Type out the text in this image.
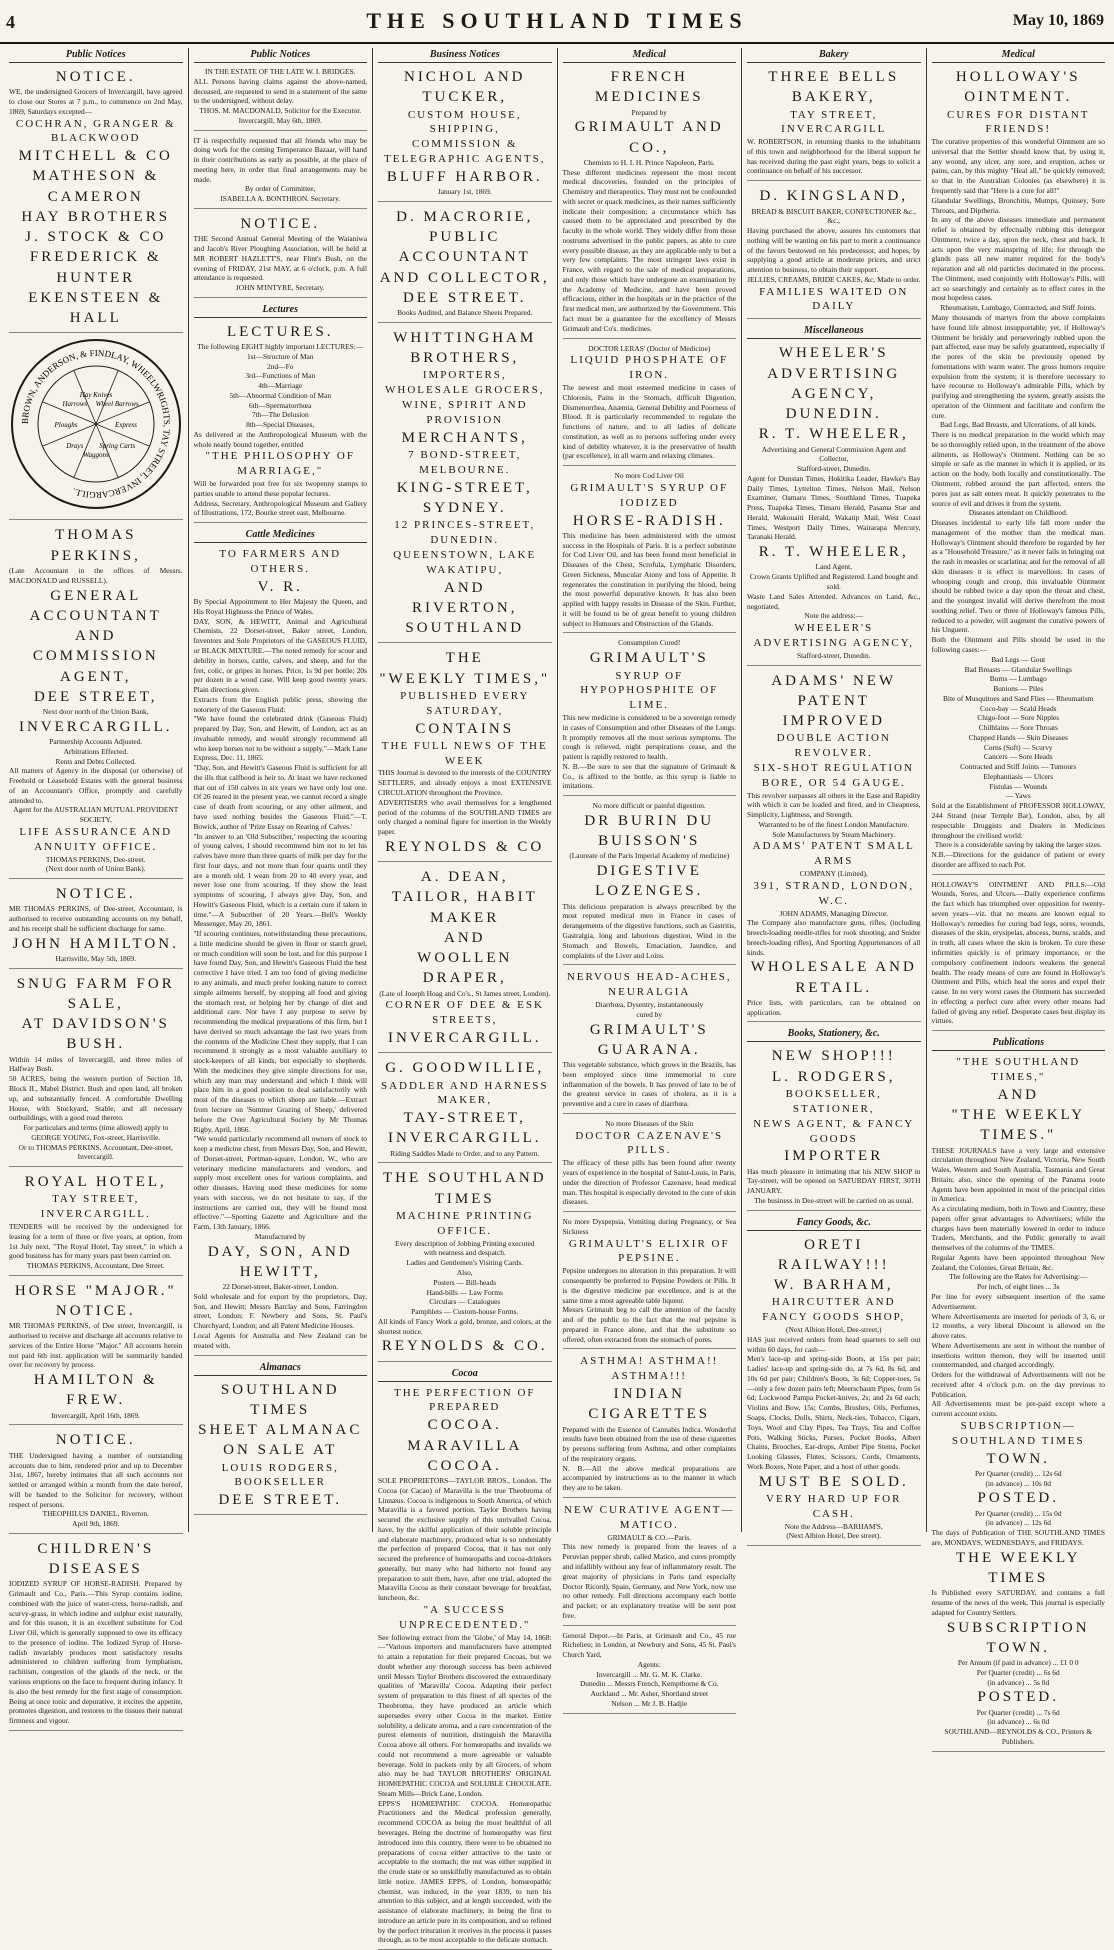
4	THE SOUTHLAND TIMES	May 10, 1869
Public Notices
NOTICE.
WE, the undersigned Grocers of Invercargill, have agreed to close our Stores at 7 p.m., to commence on 2nd May, 1869, Saturdays excepted—
COCHRAN, GRANGER & BLACKWOOD
MITCHELL & CO
MATHESON & CAMERON
HAY BROTHERS
J. STOCK & CO
FREDERICK & HUNTER
EKENSTEEN & HALL
BROWN, ANDERSON, & FINDLAY, WHEELWRIGHTS, TAY STREET, INVERCARGILL.
Express
Spring Carts
Waggons
Drays
Ploughs
Harrows
Hay Knives
Wheel Barrows
THOMAS PERKINS,
(Late Accountant in the offices of Messrs. MACDONALD and RUSSELL).
GENERAL ACCOUNTANT
AND
COMMISSION AGENT,
DEE STREET,
Next door north of the Union Bank,
INVERCARGILL.
Partnership Accounts Adjusted.
Arbitrations Effected.
Rents and Debts Collected.
All matters of Agency in the disposal (or otherwise) of Freehold or Leasehold Estates with the general business of an Accountant's Office, promptly and carefully attended to.
Agent for the AUSTRALIAN MUTUAL PROVIDENT SOCIETY,
LIFE ASSURANCE AND ANNUITY OFFICE.
THOMAS PERKINS, Dee-street.
(Next door north of Union Bank).
NOTICE.
MR THOMAS PERKINS, of Dee-street, Accountant, is authorised to receive outstanding accounts on my behalf, and his receipt shall be sufficient discharge for same.
JOHN HAMILTON.
Harrisville, May 5th, 1869.
SNUG FARM FOR SALE,
AT DAVIDSON'S BUSH.
Within 14 miles of Invercargill, and three miles of Halfway Bush.
50 ACRES, being the western portion of Section 18, Block II., Mabel District. Bush and open land, all broken up, and substantially fenced. A comfortable Dwelling House, with Stockyard, Stable, and all necessary outbuildings, with a good road thereto.
For particulars and terms (time allowed) apply to
GEORGE YOUNG, Fox-street, Harrisville.
Or to THOMAS PERKINS, Accountant, Dee-street, Invercargill.
ROYAL HOTEL,
TAY STREET, INVERCARGILL.
TENDERS will be received by the undersigned for leasing for a term of three or five years, at option, from 1st July next, "The Royal Hotel, Tay street," in which a good business has for many years past been carried on.
THOMAS PERKINS, Accountant, Dee Street.
HORSE "MAJOR."
NOTICE.
MR THOMAS PERKINS, of Dee street, Invercargill, is authorised to receive and discharge all accounts relative to services of the Entire Horse "Major." All accounts herein not paid 6th inst. application will be summarily handed over for recovery by process.
HAMILTON & FREW.
Invercargill, April 16th, 1869.
NOTICE.
THE Undersigned having a number of outstanding accounts due to him, rendered prior and up to December 31st, 1867, hereby intimates that all such accounts not settled or arranged within a month from the date hereof, will be handed to the Solicitor for recovery, without respect of persons.
THEOPHILUS DANIEL, Riverton.
April 9th, 1869.
CHILDREN'S DISEASES
IODIZED SYRUP OF HORSE-RADISH. Prepared by Grimault and Co., Paris.—This Syrup contains iodine, combined with the juice of water-cress, horse-radish, and scurvy-grass, in which iodine and sulphur exist naturally, and for this reason, it is an excellent substitute for Cod Liver Oil, which is generally supposed to owe its efficacy to the presence of iodine. The Iodized Syrup of Horse-radish invariably produces most satisfactory results administered to children suffering from lymphatism, rachitism, congestion of the glands of the neck, or the various eruptions on the face to frequent during infancy. It is also the best remedy for the first stage of consumption. Being at once tonic and depurative, it excites the appetite, promotes digestion, and restores to the tissues their natural firmness and vigour.
Public Notices
IN THE ESTATE OF THE LATE W. I. BRIDGES.
ALL Persons having claims against the above-named, deceased, are requested to send in a statement of the same to the undersigned, without delay.
THOS. M. MACDONALD, Solicitor for the Executor.
Invercargill, May 6th, 1869.
IT is respectfully requested that all friends who may be doing work for the coming Temperance Bazaar, will hand in their contributions as early as possible, at the place of meeting here, in order that final arrangements may be made.
By order of Committee,
ISABELLA A. BONTHRON. Secretary.
NOTICE.
THE Second Annual General Meeting of the Waianiwa and Jacob's River Ploughing Association, will be held at MR ROBERT HAZLETT'S, near Flint's Bush, on the evening of FRIDAY, 21st MAY, at 6 o'clock, p.m. A full attendance is requested.
JOHN M'INTYRE, Secretary.
Lectures
LECTURES.
The following EIGHT highly important LECTURES:—
1st—Structure of Man
2nd—Fo
3rd—Functions of Man
4th—Marriage
5th—Abnormal Condition of Man
6th—Spermatorrhœa
7th—The Delusion
8th—Special Diseases,
As delivered at the Anthropological Museum with the whole neatly bound together, entitled
"THE PHILOSOPHY OF MARRIAGE,"
Will be forwarded post free for six twopenny stamps to parties unable to attend these popular lectures.
Address, Secretary, Anthropological Museum and Gallery of Illustrations, 172, Bourke street east, Melbourne.
Cattle Medicines
TO FARMERS AND OTHERS.
V. R.
By Special Appointment to Her Majesty the Queen, and His Royal Highness the Prince of Wales.
DAY, SON, & HEWITT, Animal and Agricultural Chemists, 22 Dorset-street, Baker street, London, Inventors and Sole Proprietors of the GASEOUS FLUID, or BLACK MIXTURE.—The noted remedy for scour and debility in horses, cattle, calves, and sheep, and for the fret, colic, or gripes in horses. Price, 1s 9d per bottle; 20s per dozen in a wood case. Will keep good twenty years. Plain directions given.
Extracts from the English public press, showing the notoriety of the Gaseous Fluid:
"We have found the celebrated drink (Gaseous Fluid) prepared by Day, Son, and Hewitt, of London, act as an invaluable remedy, and would strongly recommend all who keep horses not to be without a supply."—Mark Lane Express, Dec. 11, 1865.
"Day, Son, and Hewitt's Gaseous Fluid is sufficient for all the ills that calfhood is heir to. At least we have reckoned that out of 150 calves in six years we have only lost one. Of 26 reared in the present year, we cannot record a single case of death from scouring, or any other ailment, and have used nothing besides the Gaseous Fluid."—T. Bowick, author of 'Prize Essay on Rearing of Calves.'
"In answer to an 'Old Subscriber,' respecting the scouring of young calves, I should recommend him not to let his calves have more than three quarts of milk per day for the first four days, and not more than four quarts until they are a month old. I wean from 20 to 40 every year, and never lose one from scouring. If they show the least symptoms of scouring, I always give Day, Son, and Hewitt's Gaseous Fluid, which is a certain cure if taken in time."—A Subscriber of 20 Years.—Bell's Weekly Messenger, May 20, 1861.
"If scouring continues, notwithstanding these precautions, a little medicine should be given in flour or starch gruel, or much condition will soon be lost, and for this purpose I have found Day, Son, and Hewitt's Gaseous Fluid the best corrective I have tried. I am too fond of giving medicine to any animals, and much prefer looking nature to correct simple ailments herself, by stopping all food and giving the stomach rest, or helping her by change of diet and additional care. Nor have I any purpose to serve by recommending the medical preparations of this firm, but I have derived so much advantage the last two years from the contents of the Medicine Chest they supply, that I can recommend it strongly as a most valuable auxiliary to stock-keepers of all kinds, but especially to shepherds. With the medicines they give simple directions for use, which any man may understand and which I think will place him in a good position to deal satisfactorily with most of the diseases to which sheep are liable.—Extract from lecture on 'Summer Grazing of Sheep,' delivered before the Over Agricultural Society by Mr Thomas Rigby, April, 1866.
"We would particularly recommend all owners of stock to keep a medicine chest, from Messrs Day, Son, and Hewitt, of Dorset-street, Portman-square, London, W., who are veterinary medicine manufacturers and vendors, and supply most excellent ones for various complaints, and other diseases. Having used these medicines for some years with success, we do not hesitate to say, if the instructions are carried out, they will be found most effective."—Sporting Gazette and Agriculture and the Farm, 13th January, 1866.
Manufactured by
DAY, SON, AND HEWITT,
22 Dorset-street, Baker-street, London.
Sold wholesale and for export by the proprietors, Day, Son, and Hewitt; Messrs Barclay and Sons, Farringdon street, London; F. Newbery and Sons, St. Paul's Churchyard, London; and all Patent Medicine Houses.
Local Agents for Australia and New Zealand can be treated with.
Almanacs
SOUTHLAND TIMES
SHEET ALMANAC
ON SALE AT
LOUIS RODGERS, BOOKSELLER
DEE STREET.
Business Notices
NICHOL AND TUCKER,
CUSTOM HOUSE, SHIPPING,
COMMISSION & TELEGRAPHIC AGENTS,
BLUFF HARBOR.
January 1st, 1869.
D. MACRORIE,
PUBLIC ACCOUNTANT
AND COLLECTOR,
DEE STREET.
Books Audited, and Balance Sheets Prepared.
WHITTINGHAM BROTHERS,
IMPORTERS, WHOLESALE GROCERS,
WINE, SPIRIT AND PROVISION
MERCHANTS,
7 BOND-STREET, MELBOURNE.
KING-STREET, SYDNEY.
12 PRINCES-STREET, DUNEDIN.
QUEENSTOWN, LAKE WAKATIPU,
AND
RIVERTON,
SOUTHLAND
THE
"WEEKLY TIMES,"
PUBLISHED EVERY SATURDAY,
CONTAINS
THE FULL NEWS OF THE WEEK
THIS Journal is devoted to the interests of the COUNTRY SETTLERS, and already enjoys a most EXTENSIVE CIRCULATION throughout the Province.
ADVERTISERS who avail themselves for a lengthened period of the columns of the SOUTHLAND TIMES are only charged a nominal figure for insertion in the Weekly paper.
REYNOLDS & CO
A. DEAN,
TAILOR, HABIT MAKER
AND
WOOLLEN DRAPER,
(Late of Joseph Hoag and Co's., St James street, London).
CORNER OF DEE & ESK STREETS,
INVERCARGILL.
G. GOODWILLIE,
SADDLER AND HARNESS MAKER,
TAY-STREET,
INVERCARGILL.
Riding Saddles Made to Order, and to any Pattern.
THE SOUTHLAND TIMES
MACHINE PRINTING OFFICE.
Every description of Jobbing Printing executed
with neatness and despatch.
Ladies and Gentlemen's Visiting Cards.
Also,
Posters — Bill-heads
Hand-bills — Law Forms
Circulars — Catalogues
Pamphlets — Custom-house Forms.
All kinds of Fancy Work a gold, bronze, and colors, at the shortest notice.
REYNOLDS & CO.
Cocoa
THE PERFECTION OF PREPARED
COCOA.
MARAVILLA COCOA.
SOLE PROPRIETORS—TAYLOR BROS., London. The Cocoa (or Cacao) of Maravilla is the true Theobroma of Linnæus. Cocoa is indigenous to South America, of which Maravilla is a favored portion. Taylor Brothers having secured the exclusive supply of this unrivalled Cocoa, have, by the skilful application of their soluble principle and elaborate machinery, produced what is so undeniably the perfection of prepared Cocoa, that it has not only secured the preference of homœopaths and cocoa-drinkers generally, but many who had hitherto not found any preparation to suit them, have, after one trial, adopted the Maravilla Cocoa as their constant beverage for breakfast, luncheon, &c.
"A SUCCESS UNPRECEDENTED."
See following extract from the 'Globe,' of May 14, 1868:—"Various importers and manufacturers have attempted to attain a reputation for their prepared Cocoas, but we doubt whether any thorough success has been achieved until Messrs Taylor Brothers discovered the extraordinary qualities of 'Maravilla' Cocoa. Adapting their perfect system of preparation to this finest of all species of the Theobroma, they have produced an article which supersedes every other Cocoa in the market. Entire solubility, a delicate aroma, and a rare concentration of the purest elements of nutrition, distinguish the Maravilla Cocoa above all others. For homœopaths and invalids we could not recommend a more agreeable or valuable beverage. Sold in packets only by all Grocers, of whom also may be had TAYLOR BROTHERS' ORIGINAL HOMŒPATHIC COCOA and SOLUBLE CHOCOLATE. Steam Mills—Brick Lane, London.
EPPS'S HOMŒPATHIC COCOA. Homœopathic Practitioners and the Medical profession generally, recommend COCOA as being the most healthful of all beverages. Being the doctrine of homœopathy was first introduced into this country, there were to be obtained no preparations of cocoa either attractive to the taste or acceptable to the stomach; the nut was either supplied in the crude state or so unskilfully manufactured as to obtain little notice. JAMES EPPS, of London, homœopathic chemist, was induced, in the year 1839, to turn his attention to this subject, and at length succeeded, with the assistance of elaborate machinery, in being the first to introduce an article pure in its composition, and so refined by the perfect trituration it receives in the process it passes through, as to be most acceptable to the delicate stomach.
Medical
FRENCH MEDICINES
Prepared by
GRIMAULT AND CO.,
Chemists to H. I. H. Prince Napoleon, Paris.
These different medicines represent the most recent medical discoveries, founded on the principles of Chemistry and therapeutics. They must not be confounded with secret or quack medicines, as their names sufficiently indicate their composition; a circumstance which has caused them to be appreciated and prescribed by the faculty in the whole world. They widely differ from those nostrums advertised in the public papers, as able to cure every possible disease, as they are applicable only to but a very few complaints. The most stringent laws exist in France, with regard to the sale of medical preparations, and only those which have undergone an examination by the Academy of Medicine, and have been proved efficacious, either in the hospitals or in the practice of the first medical men, are authorized by the Government. This fact must be a guarantee for the excellency of Messrs Grimault and Co's. medicines.
DOCTOR LERAS' (Doctor of Medicine)
LIQUID PHOSPHATE OF IRON.
The newest and most esteemed medicine in cases of Chlorosis, Pains in the Stomach, difficult Digestion, Dismenorrhea, Anæmia, General Debility and Poorness of Blood. It is particularly recommended to regulate the functions of nature, and to all ladies of delicate constitution, as well as to persons suffering under every kind of debility whatever, it is the preservative of health (par excellence), in all warm and relaxing climates.
No more Cod Liver Oil
GRIMAULT'S SYRUP OF IODIZED
HORSE-RADISH.
This medicine has been administered with the utmost success in the Hospitals of Paris. It is a perfect substitute for Cod Liver Oil, and has been found most beneficial in Diseases of the Chest, Scrofula, Lymphatic Disorders, Green Sickness, Muscular Atony and loss of Appetite. It regenerates the constitution in purifying the blood, being the most powerful depurative known. It has also been applied with happy results in Disease of the Skin. Further, it will be found to be of great benefit to young children subject to Humours and Obstruction of the Glands.
Consumption Cured!
GRIMAULT'S
SYRUP OF HYPOPHOSPHITE OF LIME.
This new medicine is considered to be a sovereign remedy in cases of Consumption and other Diseases of the Lungs. It promptly removes all the most serious symptoms. The cough is relieved, night perspirations cease, and the patient is rapidly restored to health.
N. B.—Be sure to see that the signature of Grimault & Co., is affixed to the bottle, as this syrup is liable to imitations.
No more difficult or painful digestion.
DR BURIN DU BUISSON'S
(Laureate of the Paris Imperial Academy of medicine)
DIGESTIVE LOZENGES.
This delicious preparation is always prescribed by the most reputed medical men in France in cases of derangements of the digestive functions, such as Gastritis, Gastralgia, long and laborious digestion, Wind in the Stomach and Bowels, Emaciation, Jaundice, and complaints of the Liver and Loins.
NERVOUS HEAD-ACHES, NEURALGIA
Diarrhœa, Dysentry, instantaneously
cured by
GRIMAULT'S GUARANA.
This vegetable substance, which grows in the Brazils, has been employed since time immemorial to cure inflammation of the bowels. It has proved of late to be of the greatest service in cases of cholera, as it is a preventive and a cure in cases of diarrhœa.
No more Diseases of the Skin
DOCTOR CAZENAVE'S PILLS.
The efficacy of these pills has been found after twenty years of experience in the hospital of Saint-Louis, in Paris, under the direction of Professor Cazenave, head medical man. This hospital is especially devoted to the cure of skin diseases.
No more Dyspepsia, Vomiting during Pregnancy, or Sea Sickness
GRIMAULT'S ELIXIR OF PEPSINE.
Pepsine undergoes no alteration in this preparation. It will consequently be preferred to Pepsine Powders or Pills. It is the digestive medicine par excellence, and is at the same time a most agreeable table liqueur.
Messrs Grimault beg to call the attention of the faculty and of the public to the fact that the real pepsine is prepared in France alone, and that the substitute so offered, often extracted from the stomach of pores.
ASTHMA! ASTHMA!! ASTHMA!!!
INDIAN CIGARETTES
Prepared with the Essence of Cannabis Indica. Wonderful results have been obtained from the use of these cigarettes by persons suffering from Asthma, and other complaints of the respiratory organs.
N. B.—All the above medical preparations are accompanied by instructions as to the manner in which they are to be taken.
NEW CURATIVE AGENT—MATICO.
GRIMAULT & CO.—Paris.
This new remedy is prepared from the leaves of a Peruvian pepper shrub, called Matico, and cures promptly and infallibly without any fear of inflammatory result. The great majority of physicians in Paris (and especially Doctor Ricord), Spain, Germany, and New York, now use no other remedy. Full directions accompany each bottle and packet; or an explanatory treatise will be sent post free.
General Depot.—In Paris, at Grimault and Co., 45 rue Richelieu; in London, at Newbury and Sons, 45 St. Paul's Church Yard,
Agents:
Invercargill ... Mr. G. M. K. Clarke.
Dunedin ... Messrs French, Kempthorne & Co.
Auckland ... Mr. Asher, Shortland street
Nelson ... Mr J. B. Hadjie
Bakery
THREE BELLS BAKERY,
TAY STREET, INVERCARGILL
W. ROBERTSON, in returning thanks to the inhabitants of this town and neighborhood for the liberal support he has received during the past eight years, begs to solicit a continuance on behalf of his successor.
D. KINGSLAND,
BREAD & BISCUIT BAKER, CONFECTIONER &c., &c.,
Having purchased the above, assures his customers that nothing will be wanting on his part to merit a continuance of the favors bestowed on his predecessor, and hopes, by supplying a good article at moderate prices, and strict attention to business, to obtain their support.
JELLIES, CREAMS, BRIDE CAKES, &c, Made to order.
FAMILIES WAITED ON DAILY
Miscellaneous
WHEELER'S ADVERTISING
AGENCY, DUNEDIN.
R. T. WHEELER,
Advertising and General Commission Agent and Collector,
Stafford-street, Dunedin.
Agent for Dunstan Times, Hokitika Leader, Hawke's Bay Daily Times, Lyttelton Times, Nelson Mail, Nelson Examiner, Oamaru Times, Southland Times, Tuapeka Press, Tuapeka Times, Timaru Herald, Pasama Star and Herald, Wakouaiti Herald, Wakatip Mail, West Coast Times, Westport Daily Times, Wairarapa Mercury, Taranaki Herald.
R. T. WHEELER,
Land Agent,
Crown Grants Uplifted and Registered. Land bought and sold.
Waste Land Sales Attended. Advances on Land, &c., negotiated.
Note the address:—
WHEELER'S ADVERTISING AGENCY,
Stafford-street, Dunedin.
ADAMS' NEW PATENT
IMPROVED
DOUBLE ACTION REVOLVER.
SIX-SHOT REGULATION BORE, OR 54 GAUGE.
This revolver surpasses all others in the Ease and Rapidity with which it can be loaded and fired, and in Cheapness, Simplicity, Lightness, and Strength.
Warranted to be of the finest London Manufacture.
Sole Manufacturers by Steam Machinery.
ADAMS' PATENT SMALL ARMS
COMPANY (Limited),
391, STRAND, LONDON, W.C.
JOHN ADAMS, Managing Director.
The Company also manufacture guns, rifles, (including breech-loading needle-rifles for rook shooting, and Snider breech-loading rifles), And Sporting Appurtenances of all kinds.
WHOLESALE AND RETAIL.
Price lists, with particulars, can be obtained on application.
Books, Stationery, &c.
NEW SHOP!!!
L. RODGERS,
BOOKSELLER, STATIONER,
NEWS AGENT, & FANCY GOODS
IMPORTER
Has much pleasure in intimating that his NEW SHOP in Tay-street, will be opened on SATURDAY FIRST, 30TH JANUARY.
The business in Dee-street will be carried on as usual.
Fancy Goods, &c.
ORETI RAILWAY!!!
W. BARHAM,
HAIRCUTTER AND FANCY GOODS SHOP,
(Next Albion Hotel, Dee-street,)
HAS just received orders from head quarters to sell out within 60 days, for cash—
Men's lace-up and spring-side Boots, at 15s per pair; Ladies' lace-up and spring-side do, at 7s 6d, 8s 6d, and 10s 6d per pair; Children's Boots, 3s 6d; Copper-toes, 5s—only a few dozen pairs left; Meerschaum Pipes, from 5s 6d; Lockwood Pampa Pocket-knives, 2s; and 2s 6d each; Violins and Bow, 15s; Combs, Brushes, Oils, Perfumes, Soaps, Clocks, Dolls, Shirts, Neck-ties, Tobacco, Cigars, Toys, Wool and Clay Pipes, Tea Trays, Tea and Coffee Pots, Walking Sticks, Purses, Pocket Books, Albert Chains, Brooches, Ear-drops, Amber Pipe Stems, Pocket Looking Glasses, Flutes, Scissors, Cords, Ornaments, Work Boxes, Note Paper, and a host of other goods.
MUST BE SOLD.
VERY HARD UP FOR CASH.
Note the Address—BARHAM'S,
(Next Albion Hotel, Dee street).
Medical
HOLLOWAY'S OINTMENT.
CURES FOR DISTANT FRIENDS!
The curative properties of this wonderful Ointment are so universal that the Settler should know that, by using it, any wound, any ulcer, any sore, and eruption, aches or pains, can, by this mighty "Heal all," be quickly removed; so that in the Australian Colonies (as elsewhere) it is frequently said that "Here is a cure for all!"
Glandular Swellings, Bronchitis, Mumps, Quinsey, Sore Throats, and Diptheria.
In any of the above diseases immediate and permanent relief is obtained by effectually rubbing this detergent Ointment, twice a day, upon the neck, chest and back. It acts upon the very mainspring of life; for through the glands pass all new matter required for the body's reparation and all old particles decimated in the process. The Ointment, used conjointly with Holloway's Pills, will act so searchingly and certainly as to effect cures in the most hopeless cases.
Rheumatism, Lumbago, Contracted, and Stiff Joints.
Many thousands of martyrs from the above complaints have found life almost insupportable; yet, if Holloway's Ointment be briskly and perseveringly rubbed upon the part affected, ease may be safely guaranteed, especially if the pores of the skin be previously opened by fomentations with warm water. The gross humors require expulsion from the system; it is therefore necessary to have recourse to Holloway's admirable Pills, which by purifying and strengthening the system, greatly assists the operation of the Ointment and facilitate and confirm the cure.
Bad Legs, Bad Breasts, and Ulcerations, of all kinds.
There is no medical preparation in the world which may be so thoroughly relied upon, in the treatment of the above ailments, as Holloway's Ointment. Nothing can be so simple or safe as the manner in which it is applied, or its action on the body, both locally and constitutionally. The Ointment, rubbed around the part affected, enters the pores just as salt enters meat. It quickly penetrates to the source of evil and drives it from the system.
Diseases attendant on Childhood.
Diseases incidental to early life fall more under the management of the mother than the medical man. Holloway's Ointment should therefore be regarded by her as a "Household Treasure," as it never fails in bringing out the rash in measles or scarlatina; and for the removal of all skin diseases it is effect is marvellous. In cases of whooping cough and croup, this invaluable Ointment should be rubbed twice a day upon the throat and chest, and the youngest invalid will derive therefrom the most soothing relief. Two or three of Holloway's famous Pills, reduced to a powder, will augment the curative powers of his Unguent.
Both the Ointment and Pills should be used in the following cases:—
Bad Legs — Gout
Bad Breasts — Glandular Swellings
Burns — Lumbago
Bunions — Piles
Bite of Musquitoes and Sand Flies — Rheumatism
Coco-bay — Scald Heads
Chigo-foot — Sore Nipples
Chilblains — Sore Throats
Chapped Hands — Skin Diseases
Corns (Soft) — Scurvy
Cancers — Sore Heads
Contracted and Stiff Joints — Tumours
Elephantiasis — Ulcers
Fistulas — Wounds
— Yaws
Sold at the Establishment of PROFESSOR HOLLOWAY, 244 Strand (near Temple Bar), London, also, by all respectable Druggists and Dealers in Medicines throughout the civilised world.
There is a considerable saving by taking the larger sizes.
N.B.—Directions for the guidance of patient or every disorder are affixed to each Pot.
HOLLOWAY'S OINTMENT AND PILLS.—Old Wounds, Sores, and Ulcers.—Daily experience confirms the fact which has triumphed over opposition for twenty-seven years—viz. that no means are known equal to Holloway's remedies for curing bad legs, sores, wounds, diseases of the skin, erysipelas, abscess, burns, scalds, and in truth, all cases where the skin is broken. To cure these infirmities quickly is of primary importance, or the compulsory confinement indoors weakens the general health. The ready means of cure are found in Holloway's Ointment and Pills, which heal the sores and expel their cause. In no very worst cases the Ointment has succeeded in effecting a perfect cure after every other means had failed of giving any relief. Desperate cases best display its virtues.
Publications
"THE SOUTHLAND TIMES,"
AND
"THE WEEKLY TIMES."
THESE JOURNALS have a very large and extensive circulation throughout New Zealand, Victoria, New South Wales, Western and South Australia, Tasmania and Great Britain; also, since the opening of the Panama route Agents have been appointed in most of the principal cities in America.
As a circulating medium, both in Town and Country, these papers offer great advantages to Advertisers; while the charges have been materially lowered in order to induce Traders, Merchants, and the Public generally to avail themselves of the columns of the TIMES.
Regular Agents have been appointed throughout New Zealand, the Colonies, Great Britain, &c.
The following are the Rates for Advertising:—
Per inch, of eight lines ... 3s
Per line for every subsequent insertion of the same Advertisement.
Where Advertisements are inserted for periods of 3, 6, or 12 months, a very liberal Discount is allowed on the above rates.
Where Advertisements are sent in without the number of insertions written thereon, they will be inserted until countermanded, and charged accordingly.
Orders for the withdrawal of Advertisements will not be received after 4 o'clock p.m. on the day previous to Publication.
All Advertisements must be pre-paid except where a current account exists.
SUBSCRIPTION—SOUTHLAND TIMES
TOWN.
Per Quarter (credit) ... 12s 6d
(in advance) ... 10s 0d
POSTED.
Per Quarter (credit) ... 15s 0d
(in advance) ... 12s 6d
The days of Publication of THE SOUTHLAND TIMES are, MONDAYS, WEDNESDAYS, and FRIDAYS.
THE WEEKLY TIMES
Is Published every SATURDAY, and contains a full resume of the news of the week. This journal is especially adapted for Country Settlers.
SUBSCRIPTION
TOWN.
Per Annum (if paid in advance) ... £1 0 0
Per Quarter (credit) ... 6s 6d
(in advance) ... 5s 0d
POSTED.
Per Quarter (credit) ... 7s 6d
(in advance) ... 6s 0d
SOUTHLAND—REYNOLDS & CO., Printers & Publishers.
